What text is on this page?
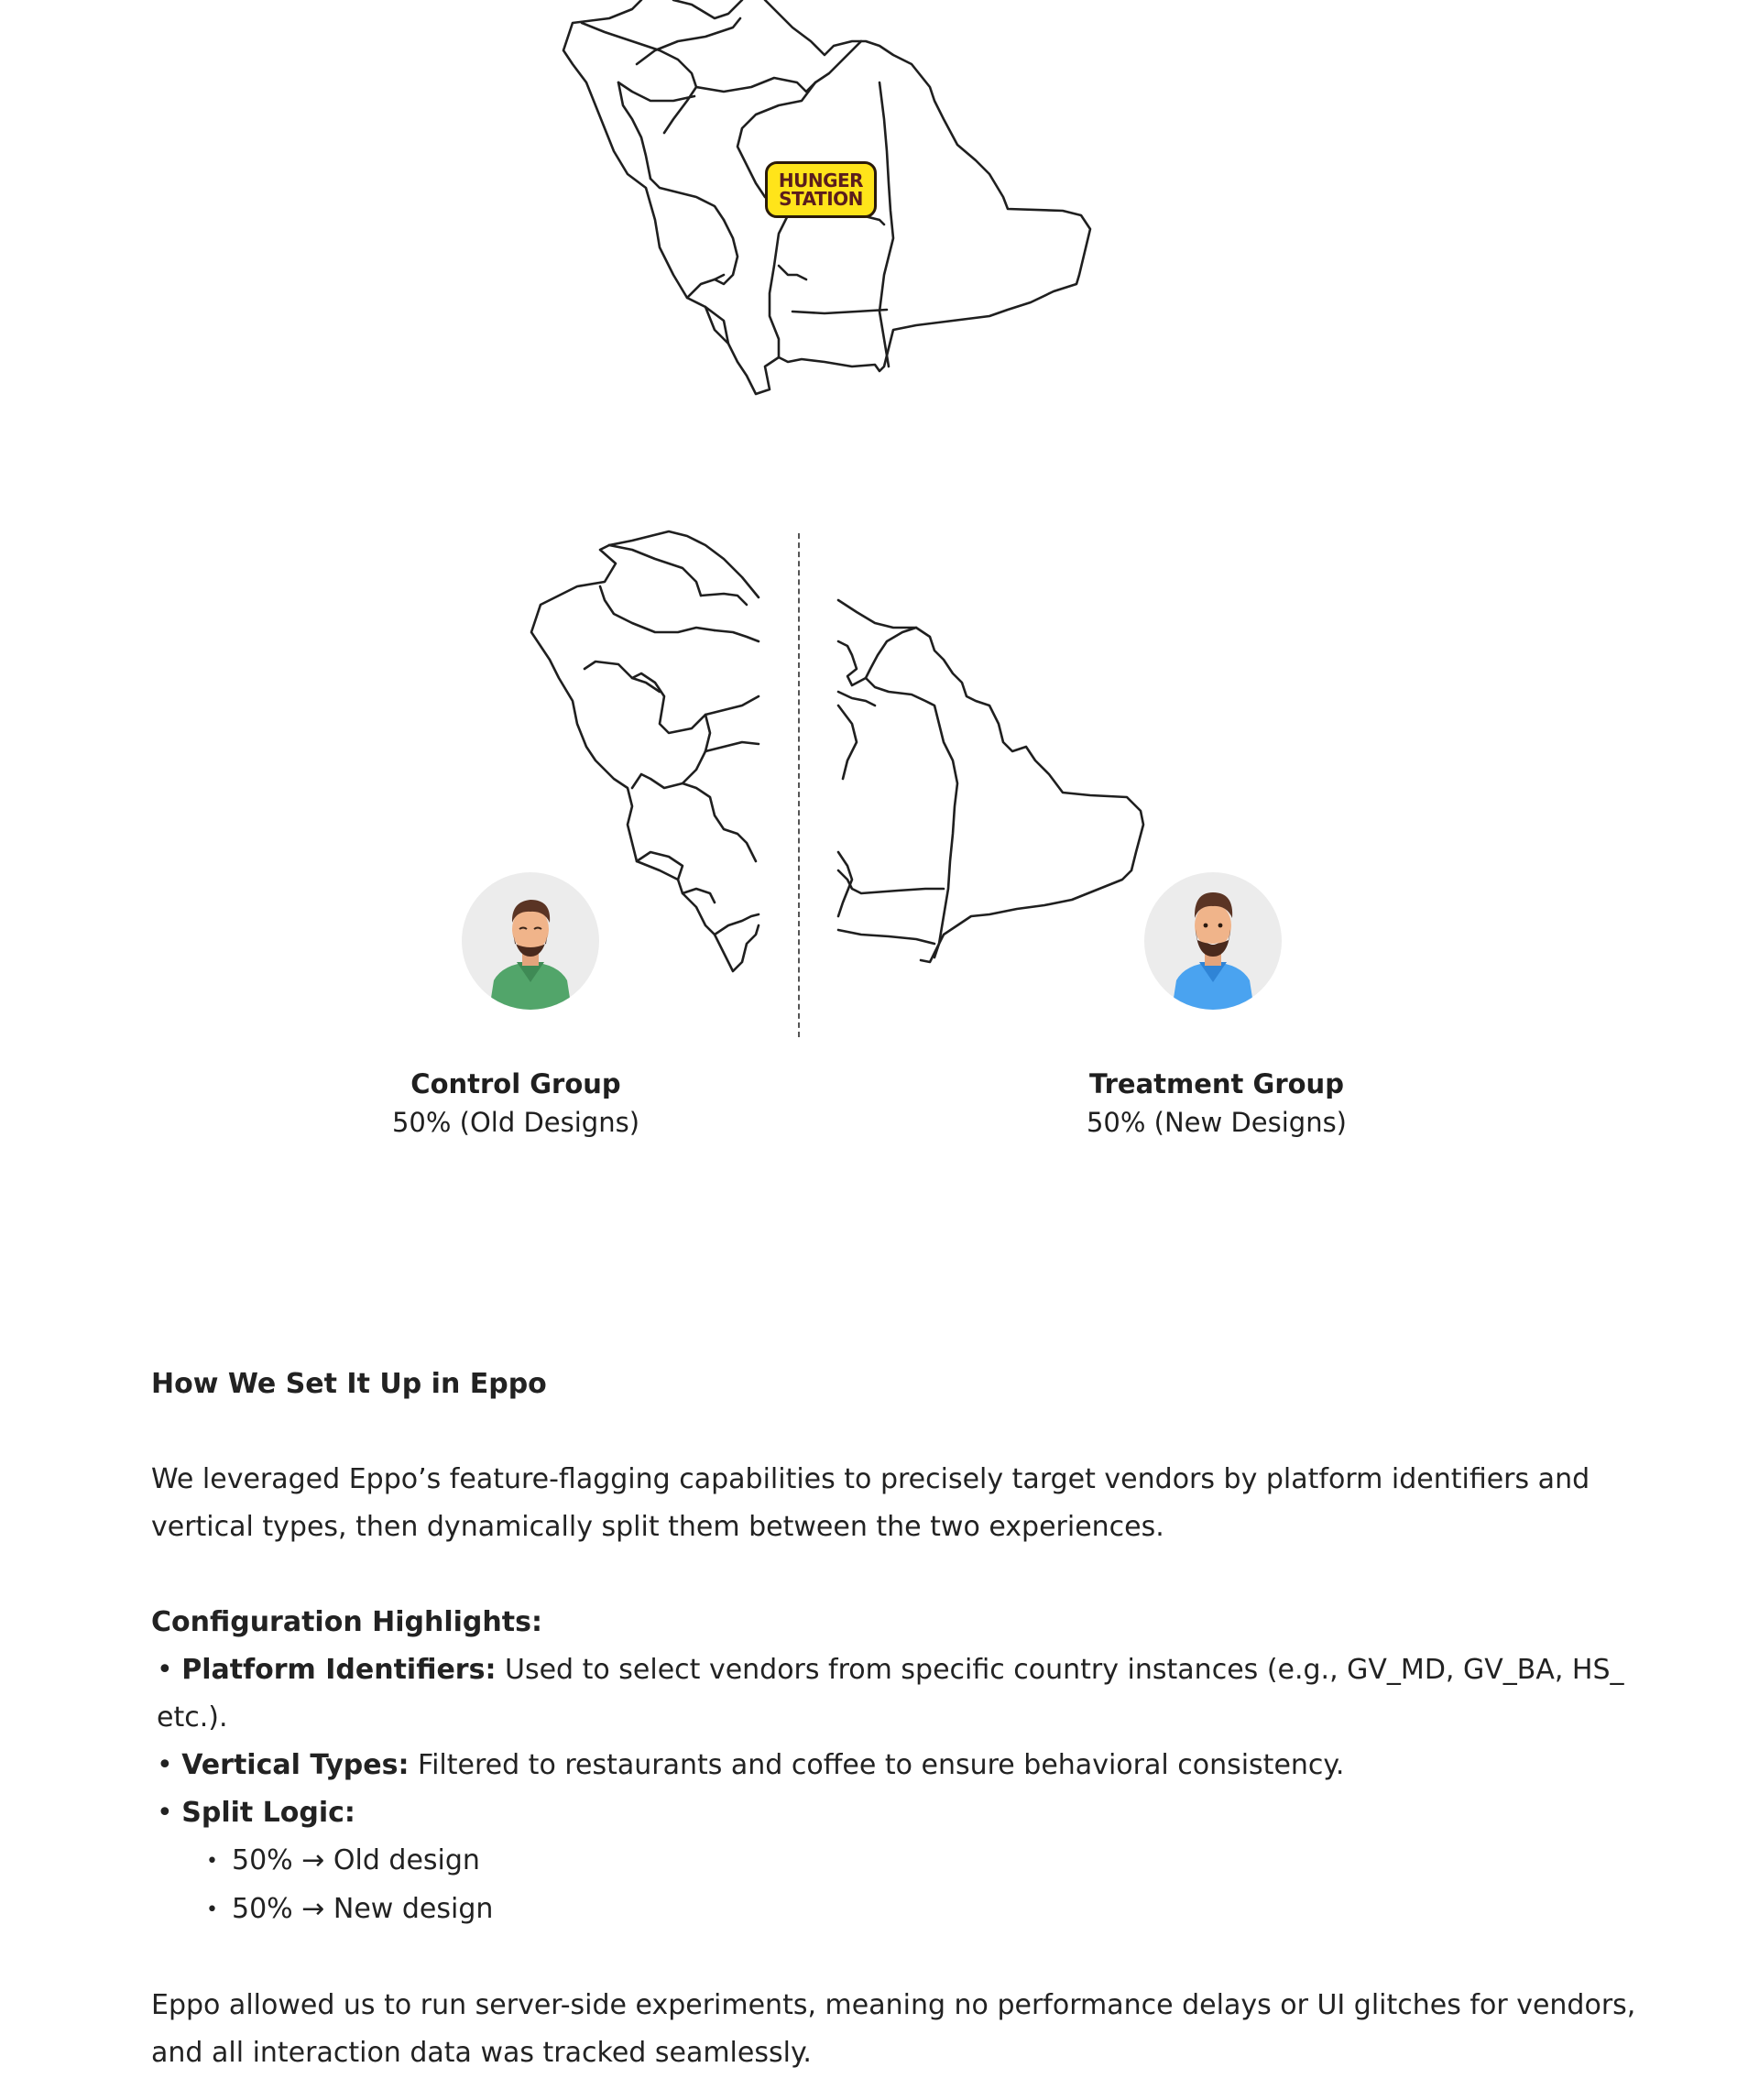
HUNGER
STATION
Control Group
50% (Old Designs)
Treatment Group
50% (New Designs)

How We Set It Up in Eppo

We leveraged Eppo’s feature-flagging capabilities to precisely target vendors by platform identifiers and

vertical types, then dynamically split them between the two experiences.

Configuration Highlights:

• Platform Identifiers: Used to select vendors from specific country instances (e.g., GV_MD, GV_BA, HS_ etc.).

• Vertical Types: Filtered to restaurants and coffee to ensure behavioral consistency.

• Split Logic:

• 50% → Old design

• 50% → New design

Eppo allowed us to run server-side experiments, meaning no performance delays or UI glitches for vendors,

and all interaction data was tracked seamlessly.
